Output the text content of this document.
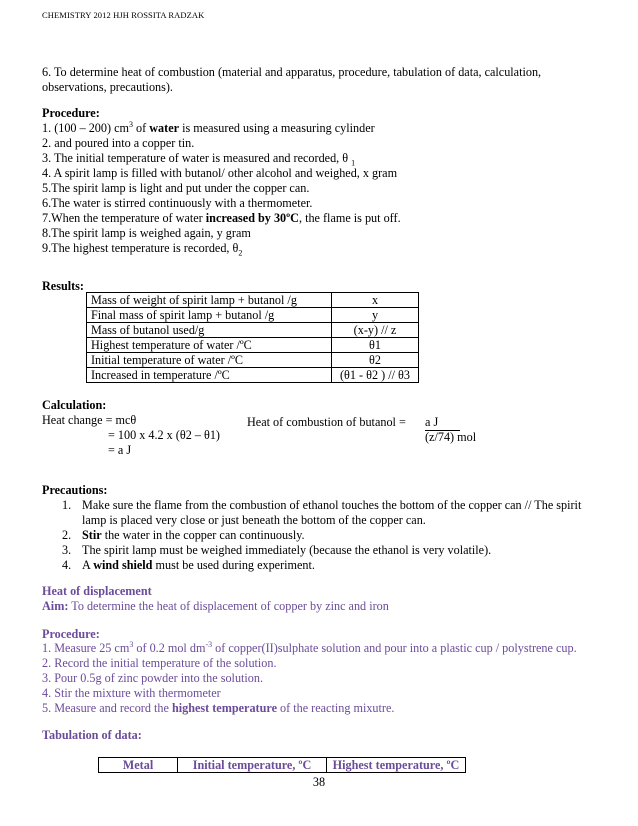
CHEMISTRY 2012 HJH ROSSITA RADZAK
6. To determine heat of combustion (material and apparatus, procedure, tabulation of data, calculation, observations, precautions).
Procedure:
1. (100 – 200) $cm^3$ of water is measured using a measuring cylinder
2. and poured into a copper tin.
3. The initial temperature of water is measured and recorded, θ $_1$
4. A spirit lamp is filled with butanol/ other alcohol and weighed, x gram
5.The spirit lamp is light and put under the copper can.
6.The water is stirred continuously with a thermometer.
7.When the temperature of water increased by 30ºC, the flame is put off.
8.The spirit lamp is weighed again, y gram
9.The highest temperature is recorded, $\theta_2$
Results:
Mass of weight of spirit lamp + butanol /g	x
Final mass of spirit lamp + butanol /g	y
Mass of butanol used/g	(x-y) // z
Highest temperature of water /ºC	θ1
Initial temperature of water /ºC	θ2
Increased in temperature /ºC	(θ1 - θ2 ) // θ3
Calculation:
Heat change = mcθ
= 100 x 4.2 x (θ2 – θ1)
= a J
Heat of combustion of butanol = a J
(z/74) mol
Precautions:
1. Make sure the flame from the combustion of ethanol touches the bottom of the copper can // The spirit lamp is placed very close or just beneath the bottom of the copper can.
2. Stir the water in the copper can continuously.
3. The spirit lamp must be weighed immediately (because the ethanol is very volatile).
4. A wind shield must be used during experiment.
Heat of displacement
Aim: To determine the heat of displacement of copper by zinc and iron
Procedure:
1. Measure 25 $cm^3$ of 0.2 mol $dm^{-3}$ of copper(II)sulphate solution and pour into a plastic cup / polystrene cup.
2. Record the initial temperature of the solution.
3. Pour 0.5g of zinc powder into the solution.
4. Stir the mixture with thermometer
5. Measure and record the highest temperature of the reacting mixutre.
Tabulation of data:
Metal	Initial temperature, ºC	Highest temperature, ºC
38
